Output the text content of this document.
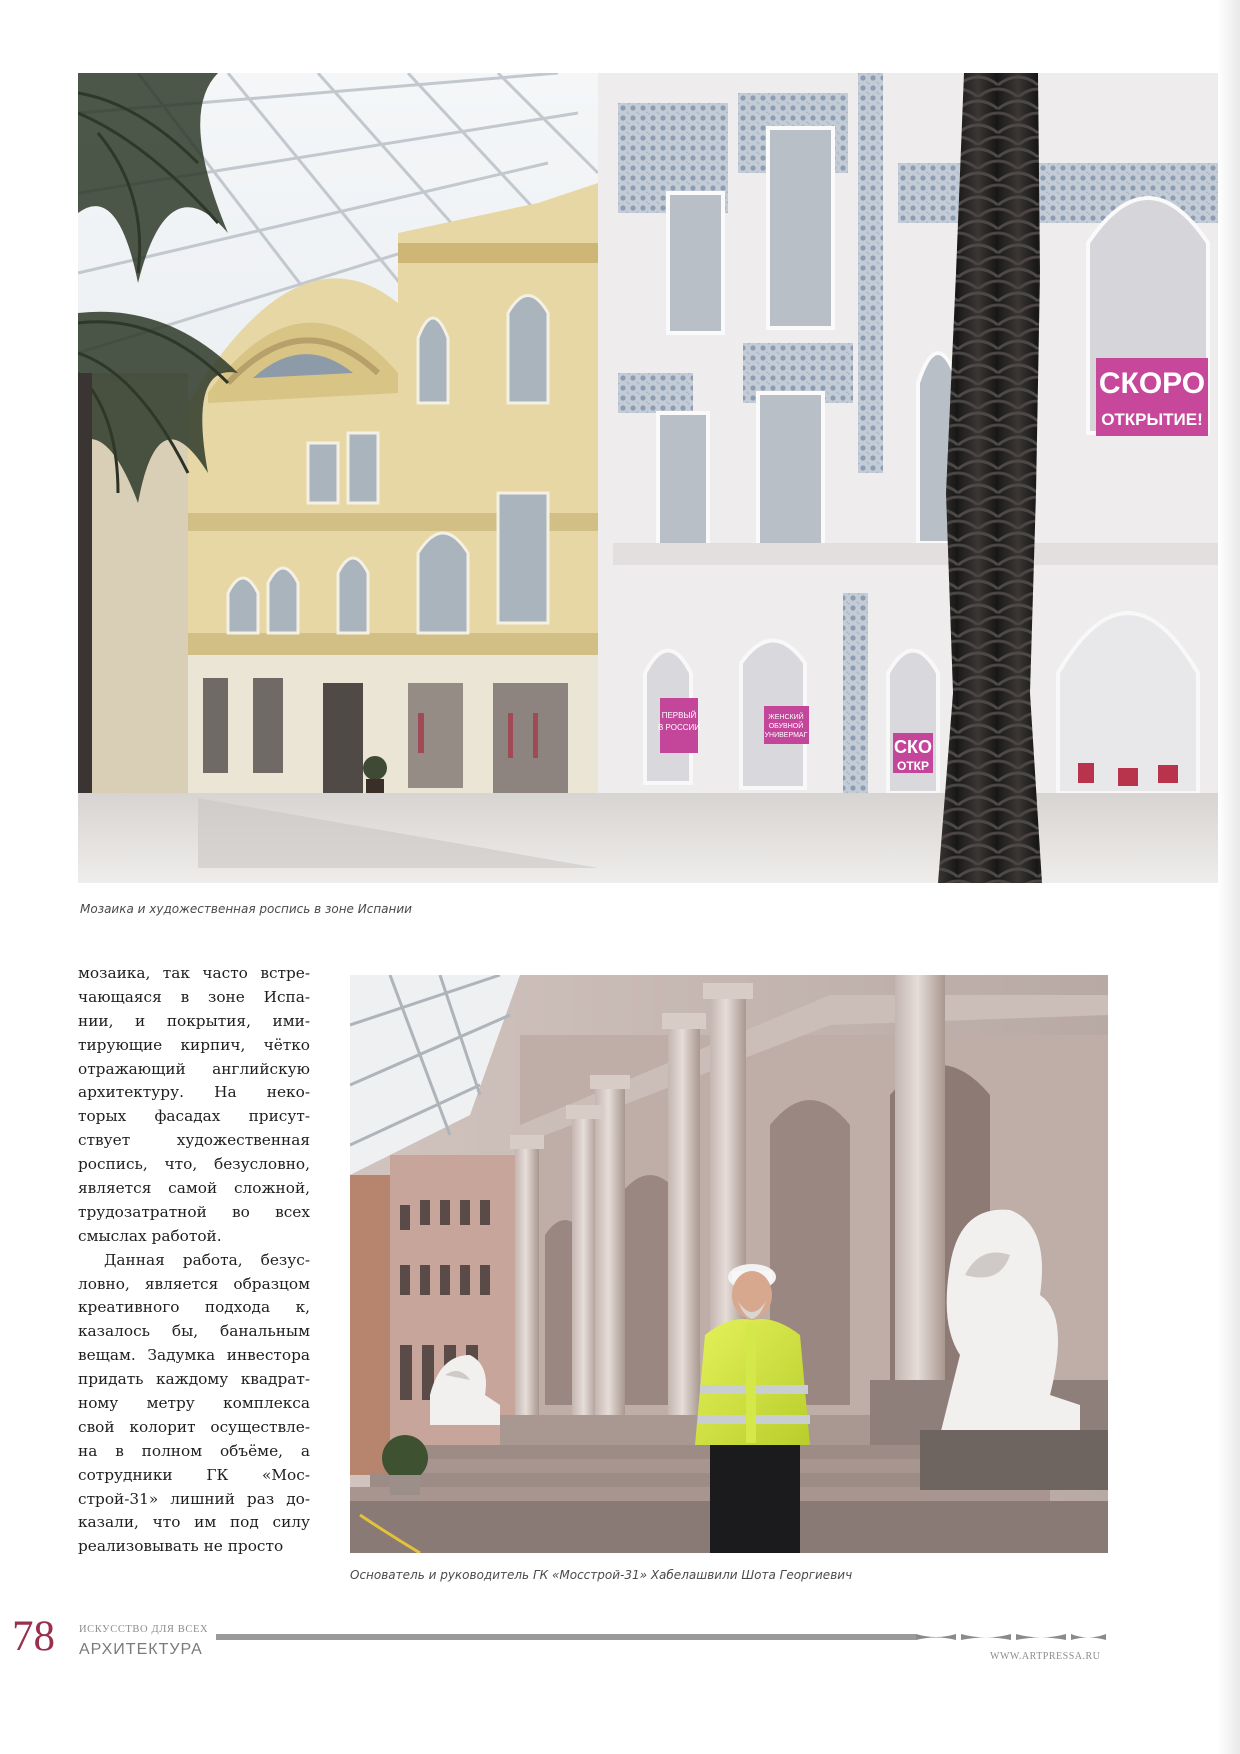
СКОРО
ОТКРЫТИЕ!
ПЕРВЫЙ
В РОССИИ
ЖЕНСКИЙ
ОБУВНОЙ
УНИВЕРМАГ
СКО
ОТКР
Мозаика и художественная роспись в зоне Испании
мозаика, так часто встре-
чающаяся в зоне Испа-
нии, и покрытия, ими-
тирующие кирпич, чётко
отражающий английскую
архитектуру. На неко-
торых фасадах присут-
ствует художественная
роспись, что, безусловно,
является самой сложной,
трудозатратной во всех
смыслах работой.
Данная работа, безус-
ловно, является образцом
креативного подхода к,
казалось бы, банальным
вещам. Задумка инвестора
придать каждому квадрат-
ному метру комплекса
свой колорит осуществле-
на в полном объёме, а
сотрудники ГК «Мос-
строй-31» лишний раз до-
казали, что им под силу
реализовывать не просто
Основатель и руководитель ГК «Мосстрой-31» Хабелашвили Шота Георгиевич
78 ИСКУССТВО ДЛЯ ВСЕХ
АРХИТЕКТУРА	WWW.ARTPRESSA.RU
